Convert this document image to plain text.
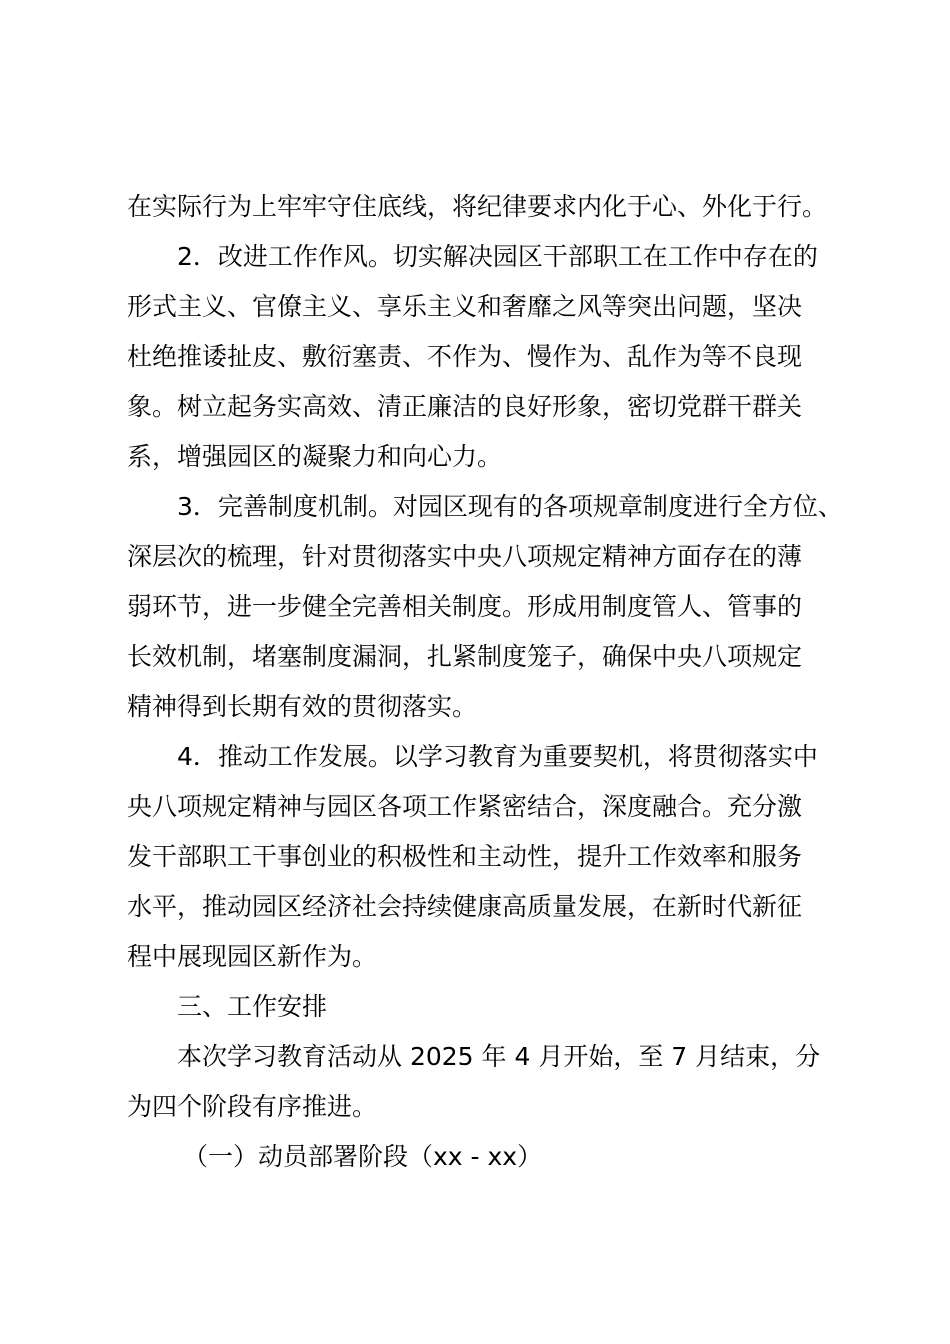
在实际行为上牢牢守住底线，将纪律要求内化于心、外化于行。
2．改进工作作风。切实解决园区干部职工在工作中存在的
形式主义、官僚主义、享乐主义和奢靡之风等突出问题，坚决
杜绝推诿扯皮、敷衍塞责、不作为、慢作为、乱作为等不良现
象。树立起务实高效、清正廉洁的良好形象，密切党群干群关
系，增强园区的凝聚力和向心力。
3．完善制度机制。对园区现有的各项规章制度进行全方位、
深层次的梳理，针对贯彻落实中央八项规定精神方面存在的薄
弱环节，进一步健全完善相关制度。形成用制度管人、管事的
长效机制，堵塞制度漏洞，扎紧制度笼子，确保中央八项规定
精神得到长期有效的贯彻落实。
4．推动工作发展。以学习教育为重要契机，将贯彻落实中
央八项规定精神与园区各项工作紧密结合，深度融合。充分激
发干部职工干事创业的积极性和主动性，提升工作效率和服务
水平，推动园区经济社会持续健康高质量发展，在新时代新征
程中展现园区新作为。
三、工作安排
本次学习教育活动从 2025 年 4 月开始，至 7 月结束，分
为四个阶段有序推进。
（一）动员部署阶段（xx - xx）
